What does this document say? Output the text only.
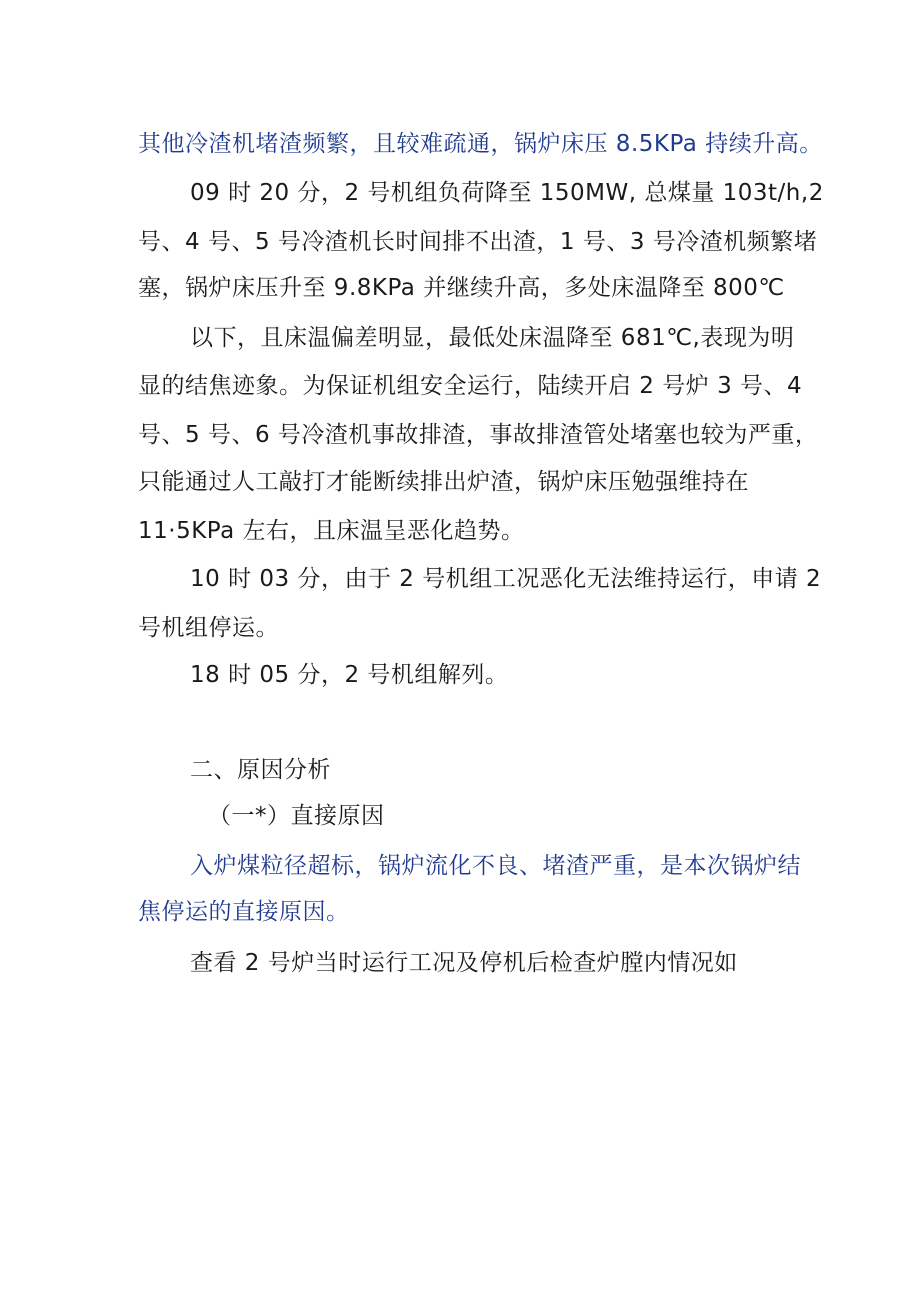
其他冷渣机堵渣频繁，且较难疏通，锅炉床压 8.5KPa 持续升高。
09 时 20 分，2 号机组负荷降至 150MW, 总煤量 103t/h,2
号、4 号、5 号冷渣机长时间排不出渣，1 号、3 号冷渣机频繁堵
塞，锅炉床压升至 9.8KPa 并继续升高，多处床温降至 800℃
以下，且床温偏差明显，最低处床温降至 681℃,表现为明
显的结焦迹象。为保证机组安全运行，陆续开启 2 号炉 3 号、4
号、5 号、6 号冷渣机事故排渣，事故排渣管处堵塞也较为严重，
只能通过人工敲打才能断续排出炉渣，锅炉床压勉强维持在
11·5KPa 左右，且床温呈恶化趋势。
10 时 03 分，由于 2 号机组工况恶化无法维持运行，申请 2
号机组停运。
18 时 05 分，2 号机组解列。
二、原因分析
（一*）直接原因
入炉煤粒径超标，锅炉流化不良、堵渣严重，是本次锅炉结
焦停运的直接原因。
查看 2 号炉当时运行工况及停机后检查炉膛内情况如
